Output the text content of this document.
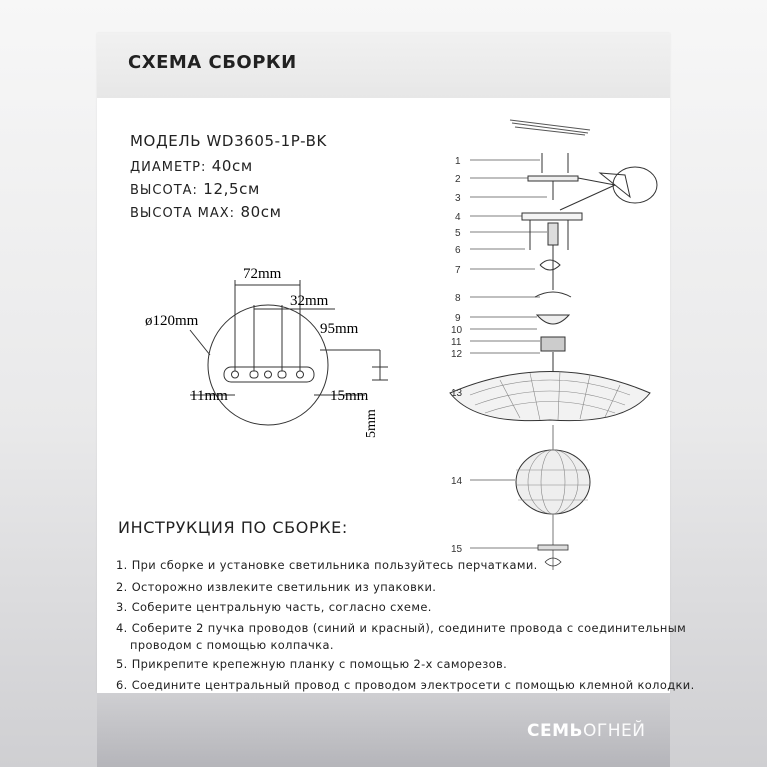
СХЕМА СБОРКИ
МОДЕЛЬ WD3605-1P-BK
ДИАМЕТР: 40см
ВЫСОТА: 12,5см
ВЫСОТА MAX: 80см
72mm
32mm
ø120mm	95mm
11mm	15mm
5mm
1
2
3
4
5
6
7
8
9
10
11
12
13
14
15
ИНСТРУКЦИЯ ПО СБОРКЕ:
1. При сборке и установке светильника пользуйтесь перчатками.
2. Осторожно извлеките светильник из упаковки.
3. Соберите центральную часть, согласно схеме.
4. Соберите 2 пучка проводов (синий и красный), соедините провода с соединительным
проводом с помощью колпачка.
5. Прикрепите крепежную планку с помощью 2-х саморезов.
6. Соедините центральный провод с проводом электросети с помощью клемной колодки.
СЕМЬОГНЕЙ
